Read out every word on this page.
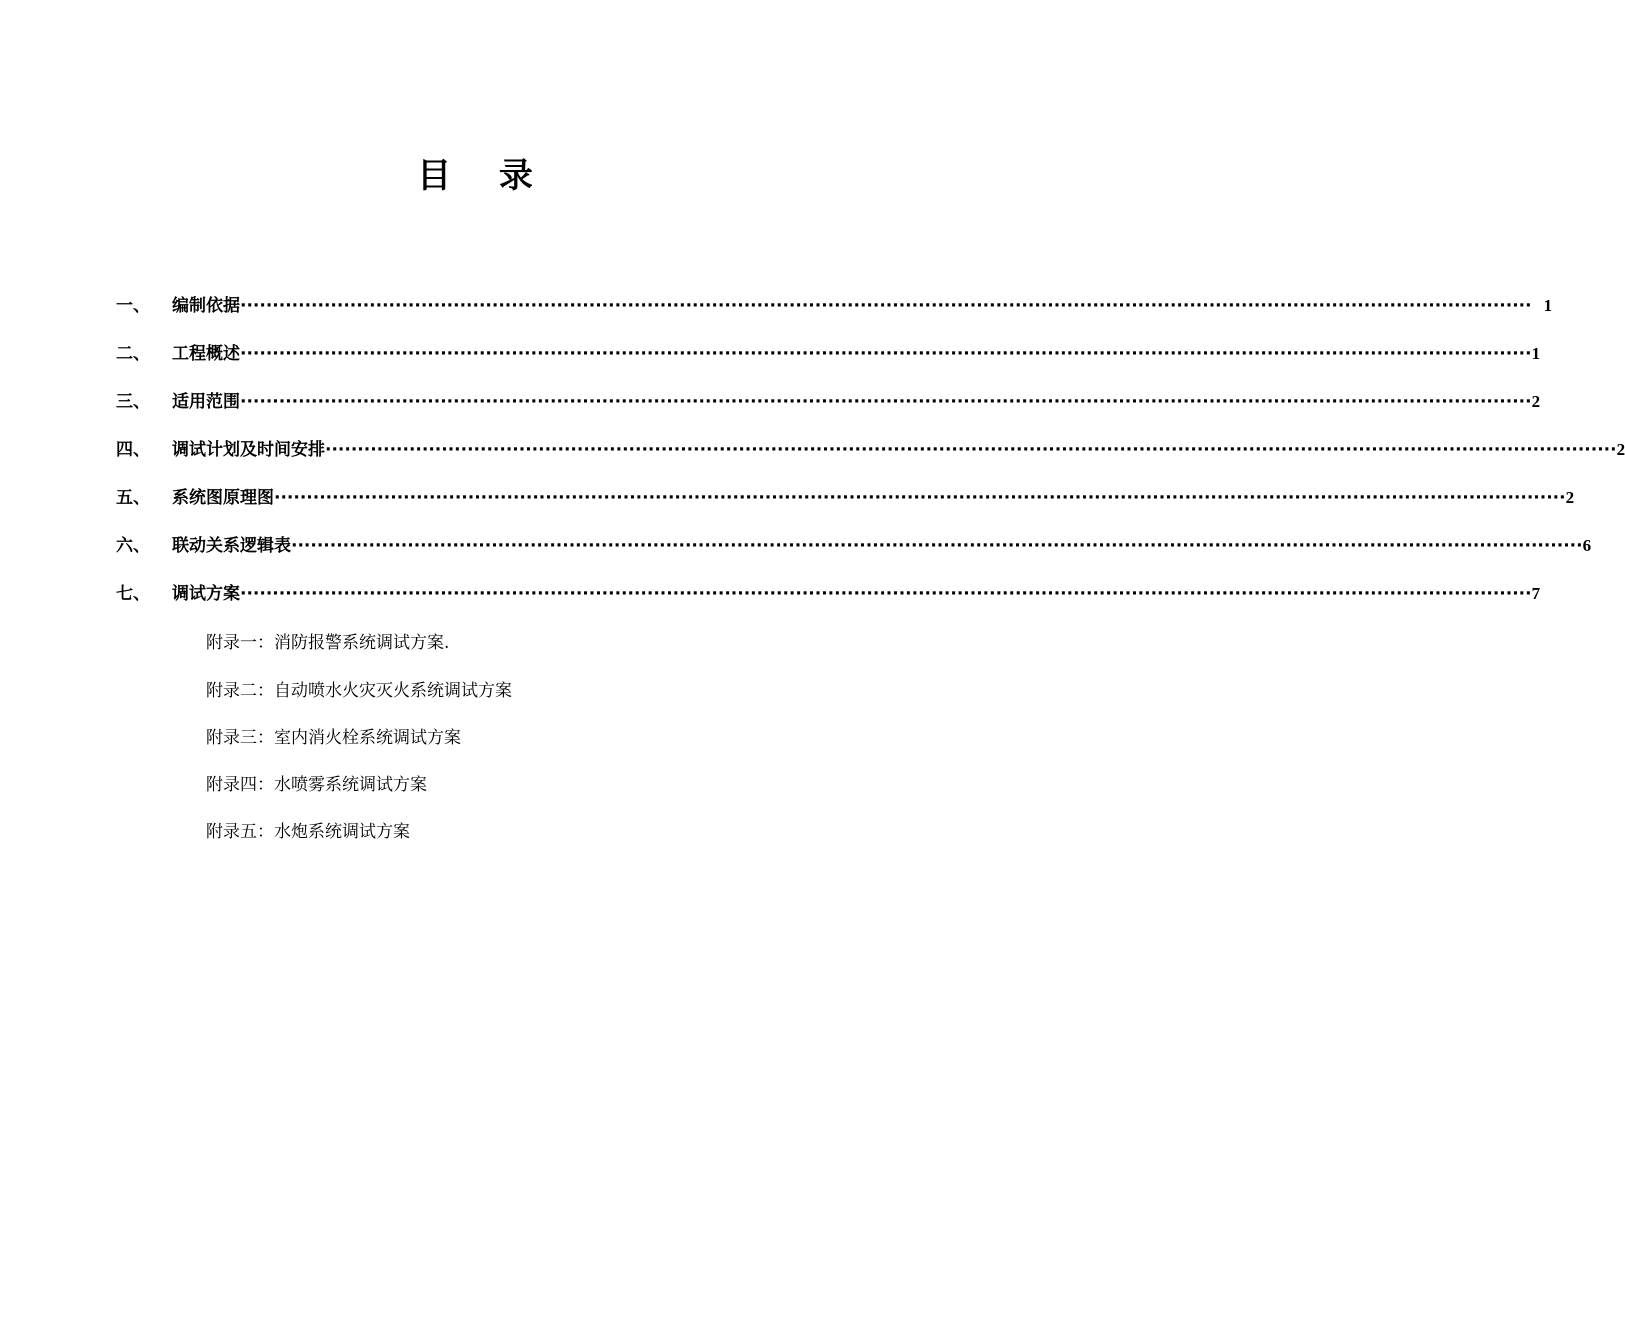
目 录
一、 编制依据 ········································································································································································································ 1
二、 工程概述 ········································································································································································································ 1
三、 适用范围 ········································································································································································································ 2
四、 调试计划及时间安排 ········································································································································································································ 2
五、 系统图原理图 ········································································································································································································ 2
六、 联动关系逻辑表 ········································································································································································································ 6
七、 调试方案 ········································································································································································································ 7
附录一：消防报警系统调试方案.
附录二：自动喷水火灾灭火系统调试方案
附录三：室内消火栓系统调试方案
附录四：水喷雾系统调试方案
附录五：水炮系统调试方案
